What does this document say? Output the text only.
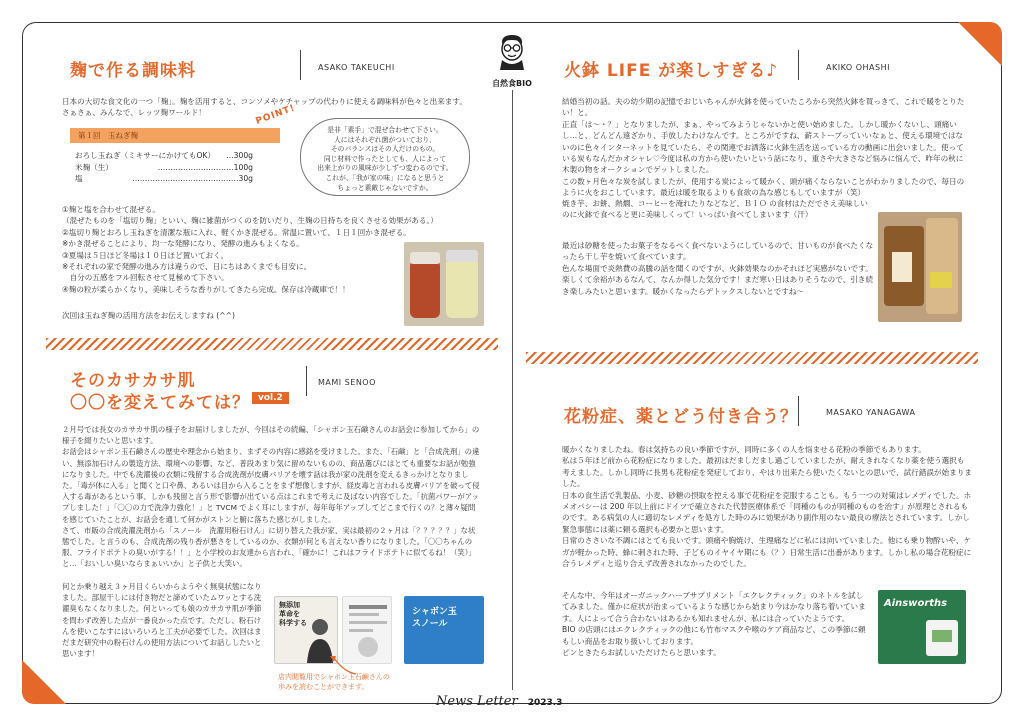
自然食BIO
麹で作る調味料	ASAKO TAKEUCHI

日本の大切な食文化の一つ「麹」。麹を活用すると、コンソメやケチャップの代わりに使える調味料が色々と出来ます。さぁさぁ、みんなで、レッツ麹ワールド！

第１回　玉ねぎ麹
おろし玉ねぎ（ミキサーにかけてもOK） …300g
米麹（生）	…………………………100g
塩	……………………………………30g
POINT!

是非「素手」で混ぜ合わせて下さい。
人にはそれぞれ菌がついており、
そのバランスはその人だけのもの。
同じ材料で作ったとしても、人によって
出来上がりの風味が少しずつ変わるのです。
これが、「我が家の味」になると思うと
ちょっと素敵じゃないですか。

①麹と塩を合わせて混ぜる。
（混ぜたものを「塩切り麹」といい、麹に雑菌がつくのを防いだり、生麹の日持ちを良くさせる効果がある。）
②塩切り麹とおろし玉ねぎを清潔な瓶に入れ、軽くかき混ぜる。常温に置いて、１日１回かき混ぜる。
※かき混ぜることにより、均一な発酵になり、発酵の進みもよくなる。
③夏場は５日ほど冬場は１０日ほど置いておく。
※それぞれの家で発酵の進み方は違うので、日にちはあくまでも目安に。
　自分の五感をフル回転させて見極めて下さい。
④麹の粒が柔らかくなり、美味しそうな香りがしてきたら完成。保存は冷蔵庫で！！

次回は玉ねぎ麹の活用方法をお伝えしますね (^^)

そのカサカサ肌
〇〇を変えてみては？ vol.2
MAMI SENOO

２月号では長女のカサカサ肌の様子をお届けしましたが、今回はその続編、「シャボン玉石鹸さんのお話会に参加してから」の様子を綴りたいと思います。
お話会はシャボン玉石鹸さんの歴史や理念から始まり、まずその内容に感銘を受けました。また、「石鹸」と「合成洗剤」の違い、無添加石けんの製造方法、環境への影響、など、普段あまり気に留めないものの、商品選びにはとても重要なお話が勉強になりました。中でも洗濯後の衣類に残留する合成洗剤が皮膚バリアを壊す話は我が家の洗剤を変えるきっかけとなりました。「毒が体に入る」と聞くと口や鼻、あるいは目から入ることをまず想像しますが、経皮毒と言われる皮膚バリアを破って侵入する毒があるという事、しかも残留と言う形で影響が出ている点はこれまで考えに及ばない内容でした。「抗菌パワーがアップしました！」「〇〇の力で洗浄力強化！」と TVCM でよく耳にしますが、毎年毎年アップしてどこまで行くの？と薄々疑問を感じていたことが、お話会を通して何かがストンと腑に落ちた感じがしました。
さて、市販の合成洗濯洗剤から「スノール　洗濯用粉石けん」に切り替えた我が家、実は最初の２ヶ月は「？？？？？」な状態でした。と言うのも、合成洗剤の残り香が悪さをしているのか、衣類が何とも言えない香りになりました。「〇〇ちゃんの服、フライドポテトの臭いがする！！」と小学校のお友達から言われ、「確かに！これはフライドポテトに似てるね！（笑）」と…「おいしい臭いならまぁいいか」と子供と大笑い。

何とか乗り越え３ヶ月目くらいからようやく無臭状態になりました。部屋干しには付き物だと諦めていたムワッとする洗濯臭もなくなりました。何といっても娘のカサカサ肌が季節を問わず改善した点が一番良かった点です。ただし、粉石けんを使いこなすにはいろいろと工夫が必要でした。次回はまだまだ研究中の粉石けんの使用方法についてお話ししたいと思います！

無添加
革命を
科学する
シャボン玉
スノール

店内閲覧用でシャボン玉石鹸さんの
歩みを読むことができます。

火鉢 LIFE が楽しすぎる♪	AKIKO OHASHI

結婚当初の話。夫の幼少期の記憶でおじいちゃんが火鉢を使っていたころから突然火鉢を買っきて、これで暖をとりたい！と。
正直「は～・？」となりましたが、まぁ、やってみようじゃないかと使い始めました。しかし暖かくないし、頭痛いし…と、どんどん遠ざかり、手放したわけなんです。ところがですね、薪ストーブっていいなぁと、使える環境ではないのに色々インターネットを見ていたら、その関連でお洒落に火鉢生活を送っている方の動画に出会いました。使っている炭もなんだかオシャレ♡今度は私の方から使いたいという話になり、重さや大きさなど悩みに悩んで、昨年の秋に木製の物をオークションでゲットしました。
この数ヶ月色々な炭を試しましたが、使用する炭によって暖かく、頭が痛くならないことがわかりましたので、毎日のように火をおこしています。最近は暖を取るよりも食欲の為な感じもしていますが（笑）

焼き芋、お餅、熱燗、コーヒーを淹れたりなどなど、ＢＩＯ の食材はただでさえ美味しいのに火鉢で食べると更に美味しくって！いっぱい食べてしまいます（汗）

最近は砂糖を使ったお菓子をなるべく食べないようにしているので、甘いものが食べたくなったら干し芋を焼いて食べています。
色んな場面で炎熱費の高騰の話を聞くのですが、火鉢効果なのかそれほど実感がないです。楽しくて余裕があるなんて、なんか得した気分です！まだ寒い日はありそうなので、引き続き楽しみたいと思います。暖かくなったらデトックスしないとですね～

花粉症、薬とどう付き合う？	MASAKO YANAGAWA

暖かくなりましたね。春は気持ちの良い季節ですが、同時に多くの人を悩ませる花粉の季節でもあります。
私は５年ほど前から花粉症になりました。最初はだましだまし過ごしていましたが、耐えきれなくなり薬を使う選択も考えました。しかし同時に長男も花粉症を発症しており、やはり出来たら使いたくないとの思いで、試行錯誤が始まりました。
日本の食生活で乳製品、小麦、砂糖の摂取を控える事で花粉症を克服することも。もう一つの対策はレメディでした。ホメオパシーは 200 年以上前にドイツで確立された代替医療体系で「同種のものが同種のものを治す」が原理とされるものです。ある病気の人に適切なレメディを処方した時のみに効果があり副作用のない最良の療法とされています。しかし緊急事態には薬に頼る選択も必要かと思います。
日常のささいな不調にはとても良いです。頭痛や胸焼け、生理痛などに私には向いていました。他にも乗り物酔いや、ケガが軽かった時、蜂に刺された時、子どものイヤイヤ期にも（？）日常生活に出番があります。しかし私の場合花粉症に合うレメディと巡り合えず改善されなかったのでした。

そんな中、今年はオーガニックハーブサプリメント「エクレクティック」のネトルを試してみました。僅かに症状が治まっているような感じから始まり今はかなり落ち着いています。人によって合う合わないはあるかも知れませんが、私には合っていたようです。
BIO の店頭にはエクレクティックの他にも竹布マスクや喉のケア商品など、この季節に頼もしい商品をお取り扱いしております。
ピンときたらお試しいただけたらと思います。

Ainsworths
News Letter 2023.3
